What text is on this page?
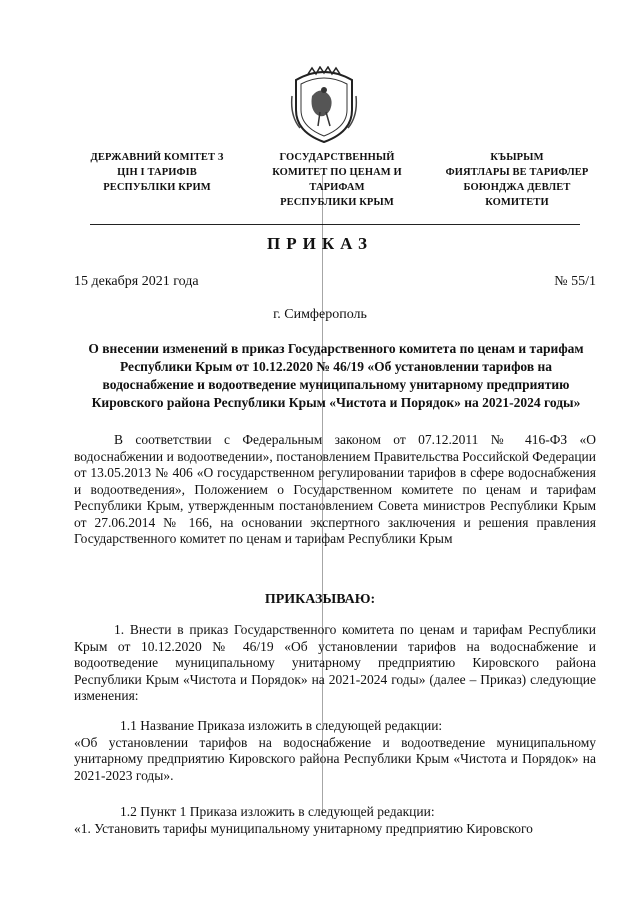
ДЕРЖАВНИЙ КОМІТЕТ З
ЦІН І ТАРИФІВ
РЕСПУБЛІКИ КРИМ
ГОСУДАРСТВЕННЫЙ
КОМИТЕТ ПО ЦЕНАМ И
ТАРИФАМ
РЕСПУБЛИКИ КРЫМ
КЪЫРЫМ
ФИЯТЛАРЫ ВЕ ТАРИФЛЕР
БОЮНДЖА ДЕВЛЕТ
КОМИТЕТИ
ПРИКАЗ
15 декабря 2021 года	№ 55/1
г. Симферополь
О внесении изменений в приказ Государственного комитета по ценам и тарифам Республики Крым от 10.12.2020 № 46/19 «Об установлении тарифов на водоснабжение и водоотведение муниципальному унитарному предприятию Кировского района Республики Крым «Чистота и Порядок» на 2021-2024 годы»

В соответствии с Федеральным законом от 07.12.2011 № 416-ФЗ «О водоснабжении и водоотведении», постановлением Правительства Российской Федерации от 13.05.2013 № 406 «О государственном регулировании тарифов в сфере водоснабжения и водоотведения», Положением о Государственном комитете по ценам и тарифам Республики Крым, утвержденным постановлением Совета министров Республики Крым от 27.06.2014 № 166, на основании экспертного заключения и решения правления Государственного комитет по ценам и тарифам Республики Крым

ПРИКАЗЫВАЮ:

1. Внести в приказ Государственного комитета по ценам и тарифам Республики Крым от 10.12.2020 № 46/19 «Об установлении тарифов на водоснабжение и водоотведение муниципальному унитарному предприятию Кировского района Республики Крым «Чистота и Порядок» на 2021-2024 годы» (далее – Приказ) следующие изменения:

1.1 Название Приказа изложить в следующей редакции:

«Об установлении тарифов на водоснабжение и водоотведение муниципальному унитарному предприятию Кировского района Республики Крым «Чистота и Порядок» на 2021-2023 годы».

1.2 Пункт 1 Приказа изложить в следующей редакции:

«1. Установить тарифы муниципальному унитарному предприятию Кировского
